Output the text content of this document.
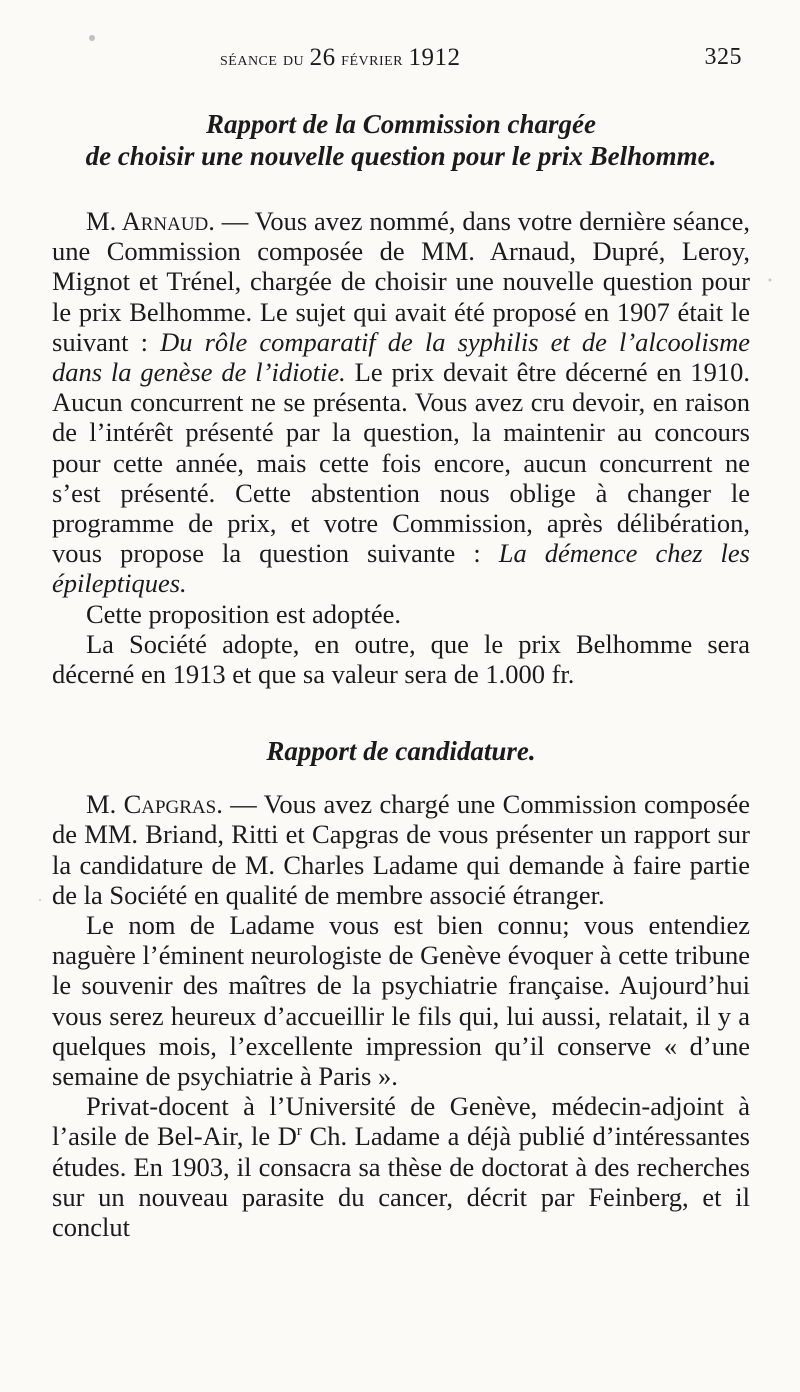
séance du 26 février 1912	325
Rapport de la Commission chargée
de choisir une nouvelle question pour le prix Belhomme.

M. Arnaud. — Vous avez nommé, dans votre dernière séance, une Commission composée de MM. Arnaud, Dupré, Leroy, Mignot et Trénel, chargée de choisir une nouvelle question pour le prix Belhomme. Le sujet qui avait été proposé en 1907 était le suivant : Du rôle comparatif de la syphilis et de l’alcoolisme dans la genèse de l’idiotie. Le prix devait être décerné en 1910. Aucun concurrent ne se présenta. Vous avez cru devoir, en raison de l’intérêt présenté par la question, la maintenir au concours pour cette année, mais cette fois encore, aucun concurrent ne s’est présenté. Cette abstention nous oblige à changer le programme de prix, et votre Commission, après délibération, vous propose la question suivante : La démence chez les épileptiques.

Cette proposition est adoptée.

La Société adopte, en outre, que le prix Belhomme sera décerné en 1913 et que sa valeur sera de 1.000 fr.

Rapport de candidature.

M. Capgras. — Vous avez chargé une Commission composée de MM. Briand, Ritti et Capgras de vous présenter un rapport sur la candidature de M. Charles Ladame qui demande à faire partie de la Société en qualité de membre associé étranger.

Le nom de Ladame vous est bien connu; vous entendiez naguère l’éminent neurologiste de Genève évoquer à cette tribune le souvenir des maîtres de la psychiatrie française. Aujourd’hui vous serez heureux d’accueillir le fils qui, lui aussi, relatait, il y a quelques mois, l’excellente impression qu’il conserve « d’une semaine de psychiatrie à Paris ».

Privat-docent à l’Université de Genève, médecin-adjoint à l’asile de Bel-Air, le $D^r$ Ch. Ladame a déjà publié d’intéressantes études. En 1903, il consacra sa thèse de doctorat à des recherches sur un nouveau parasite du cancer, décrit par Feinberg, et il conclut
